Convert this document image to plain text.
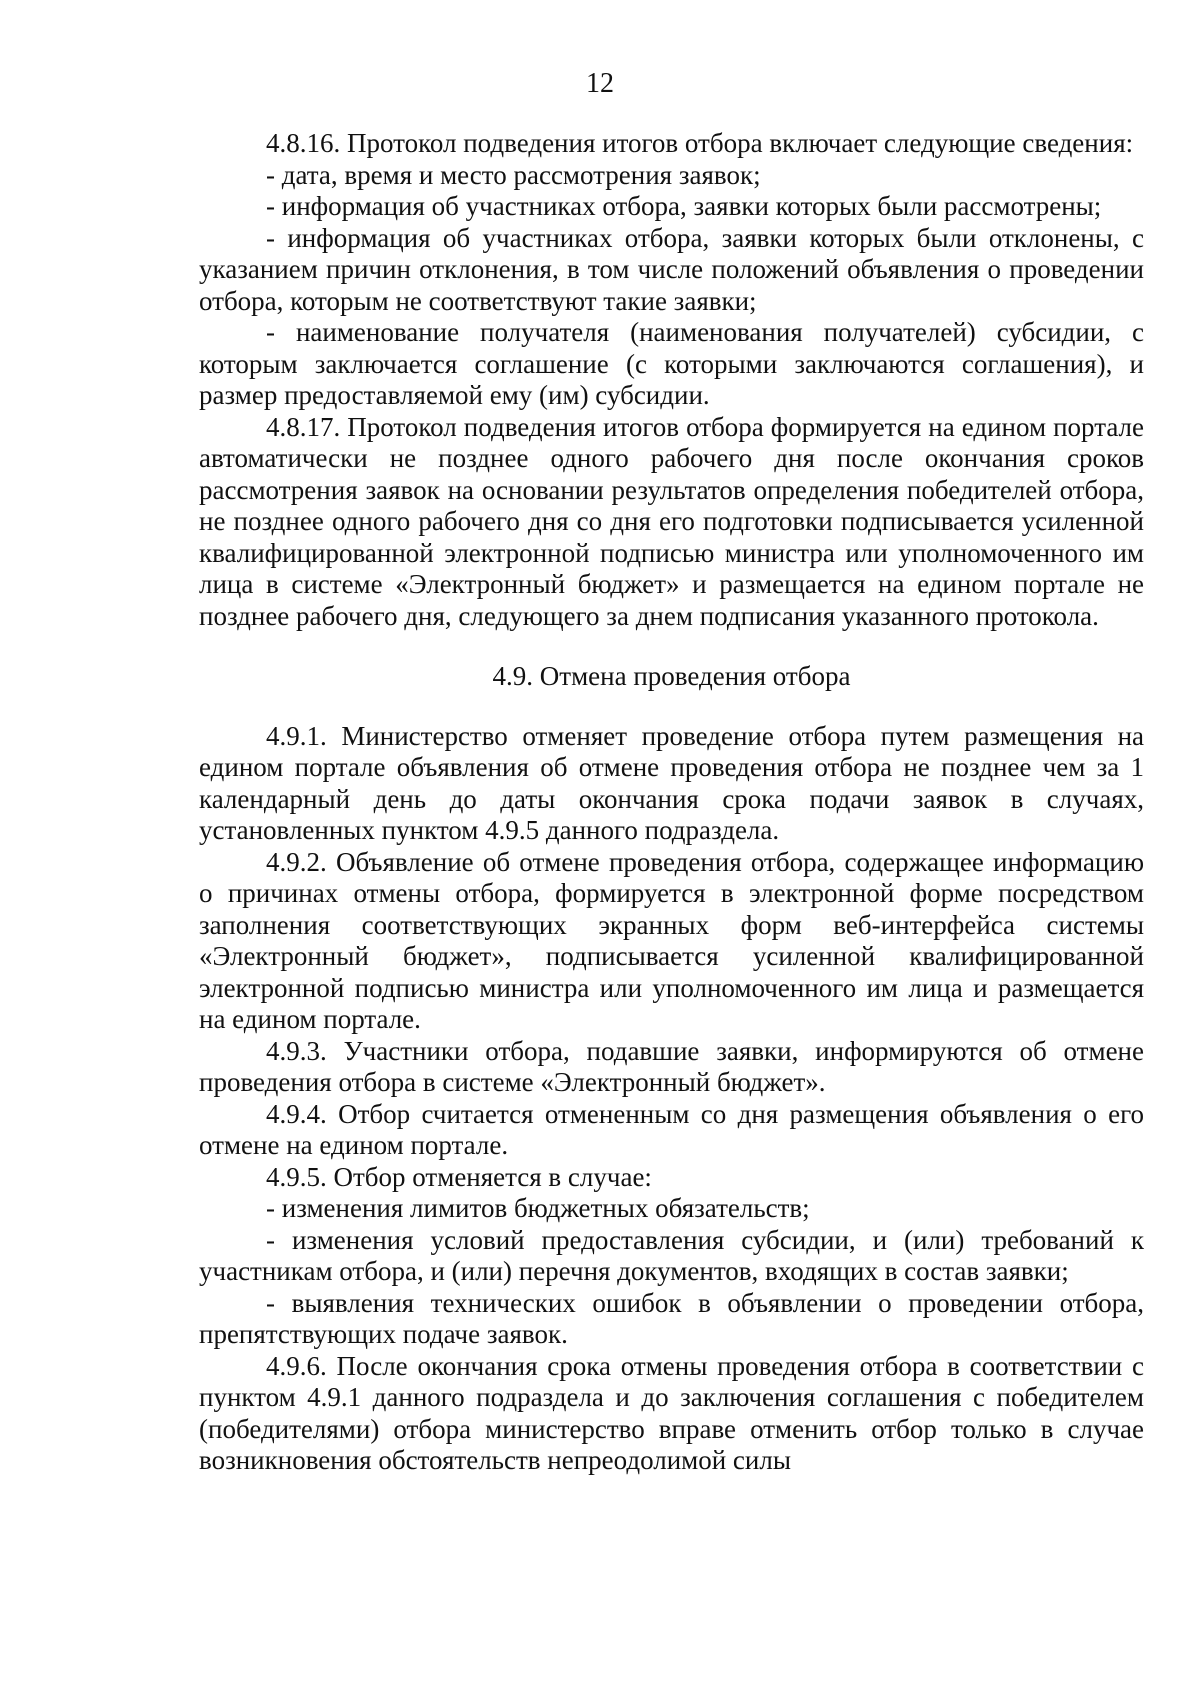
12

4.8.16. Протокол подведения итогов отбора включает следующие сведения:

- дата, время и место рассмотрения заявок;

- информация об участниках отбора, заявки которых были рассмотрены;

- информация об участниках отбора, заявки которых были отклонены, с указанием причин отклонения, в том числе положений объявления о проведении отбора, которым не соответствуют такие заявки;

- наименование получателя (наименования получателей) субсидии, с которым заключается соглашение (с которыми заключаются соглашения), и размер предоставляемой ему (им) субсидии.

4.8.17. Протокол подведения итогов отбора формируется на едином портале автоматически не позднее одного рабочего дня после окончания сроков рассмотрения заявок на основании результатов определения победителей отбора, не позднее одного рабочего дня со дня его подготовки подписывается усиленной квалифицированной электронной подписью министра или уполномоченного им лица в системе «Электронный бюджет» и размещается на едином портале не позднее рабочего дня, следующего за днем подписания указанного протокола.

4.9. Отмена проведения отбора

4.9.1. Министерство отменяет проведение отбора путем размещения на едином портале объявления об отмене проведения отбора не позднее чем за 1 календарный день до даты окончания срока подачи заявок в случаях, установленных пунктом 4.9.5 данного подраздела.

4.9.2. Объявление об отмене проведения отбора, содержащее информацию о причинах отмены отбора, формируется в электронной форме посредством заполнения соответствующих экранных форм веб-интерфейса системы «Электронный бюджет», подписывается усиленной квалифицированной электронной подписью министра или уполномоченного им лица и размещается на едином портале.

4.9.3. Участники отбора, подавшие заявки, информируются об отмене проведения отбора в системе «Электронный бюджет».

4.9.4. Отбор считается отмененным со дня размещения объявления о его отмене на едином портале.

4.9.5. Отбор отменяется в случае:

- изменения лимитов бюджетных обязательств;

- изменения условий предоставления субсидии, и (или) требований к участникам отбора, и (или) перечня документов, входящих в состав заявки;

- выявления технических ошибок в объявлении о проведении отбора, препятствующих подаче заявок.

4.9.6. После окончания срока отмены проведения отбора в соответствии с пунктом 4.9.1 данного подраздела и до заключения соглашения с победителем (победителями) отбора министерство вправе отменить отбор только в случае возникновения обстоятельств непреодолимой силы
